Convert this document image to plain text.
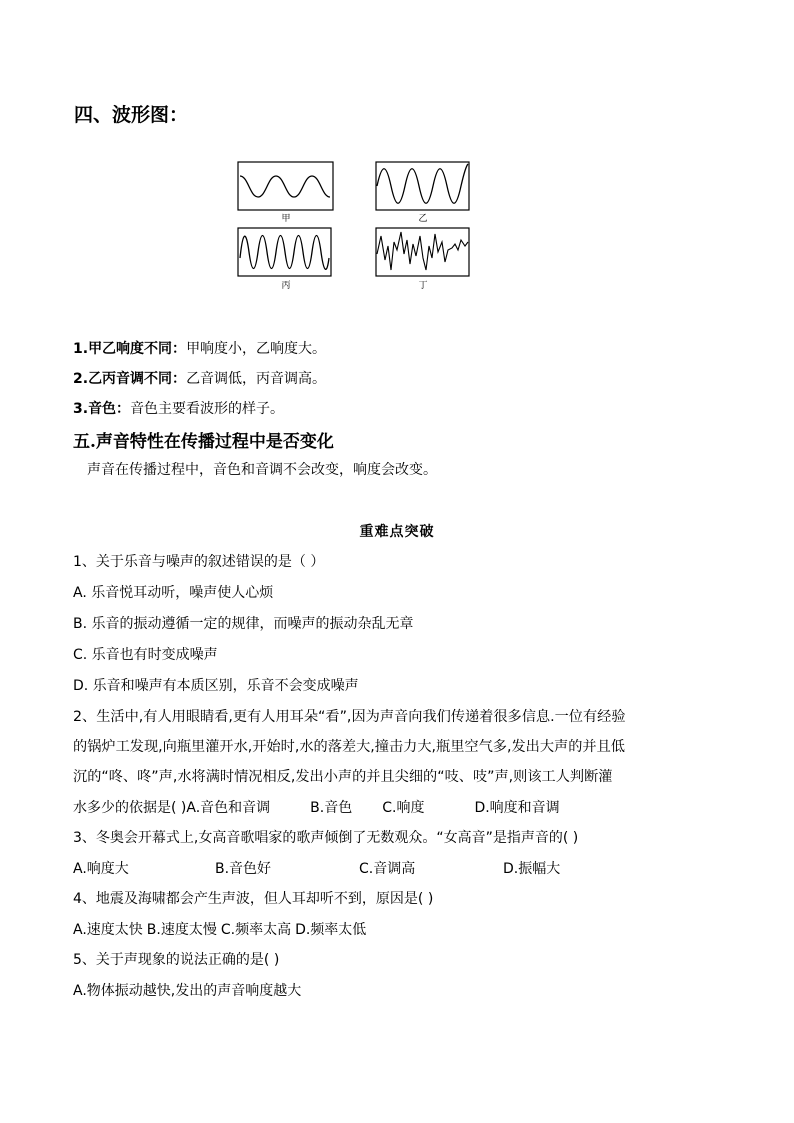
四、波形图：
甲	乙
丙	丁
1.甲乙响度不同：甲响度小，乙响度大。
2.乙丙音调不同：乙音调低，丙音调高。
3.音色：音色主要看波形的样子。
五.声音特性在传播过程中是否变化
声音在传播过程中，音色和音调不会改变，响度会改变。
重难点突破
1、关于乐音与噪声的叙述错误的是（ ）
A. 乐音悦耳动听，噪声使人心烦
B. 乐音的振动遵循一定的规律，而噪声的振动杂乱无章
C. 乐音也有时变成噪声
D. 乐音和噪声有本质区别，乐音不会变成噪声
2、生活中,有人用眼睛看,更有人用耳朵“看”,因为声音向我们传递着很多信息.一位有经验
的锅炉工发现,向瓶里灌开水,开始时,水的落差大,撞击力大,瓶里空气多,发出大声的并且低
沉的“咚、咚”声,水将满时情况相反,发出小声的并且尖细的“吱、吱”声,则该工人判断灌
水多少的依据是( )A.音色和音调	B.音色 C.响度	D.响度和音调
3、冬奥会开幕式上,女高音歌唱家的歌声倾倒了无数观众。“女高音”是指声音的( )
A.响度大	B.音色好	C.音调高	D.振幅大
4、地震及海啸都会产生声波，但人耳却听不到，原因是( )
A.速度太快 B.速度太慢 C.频率太高 D.频率太低
5、关于声现象的说法正确的是( )
A.物体振动越快,发出的声音响度越大
